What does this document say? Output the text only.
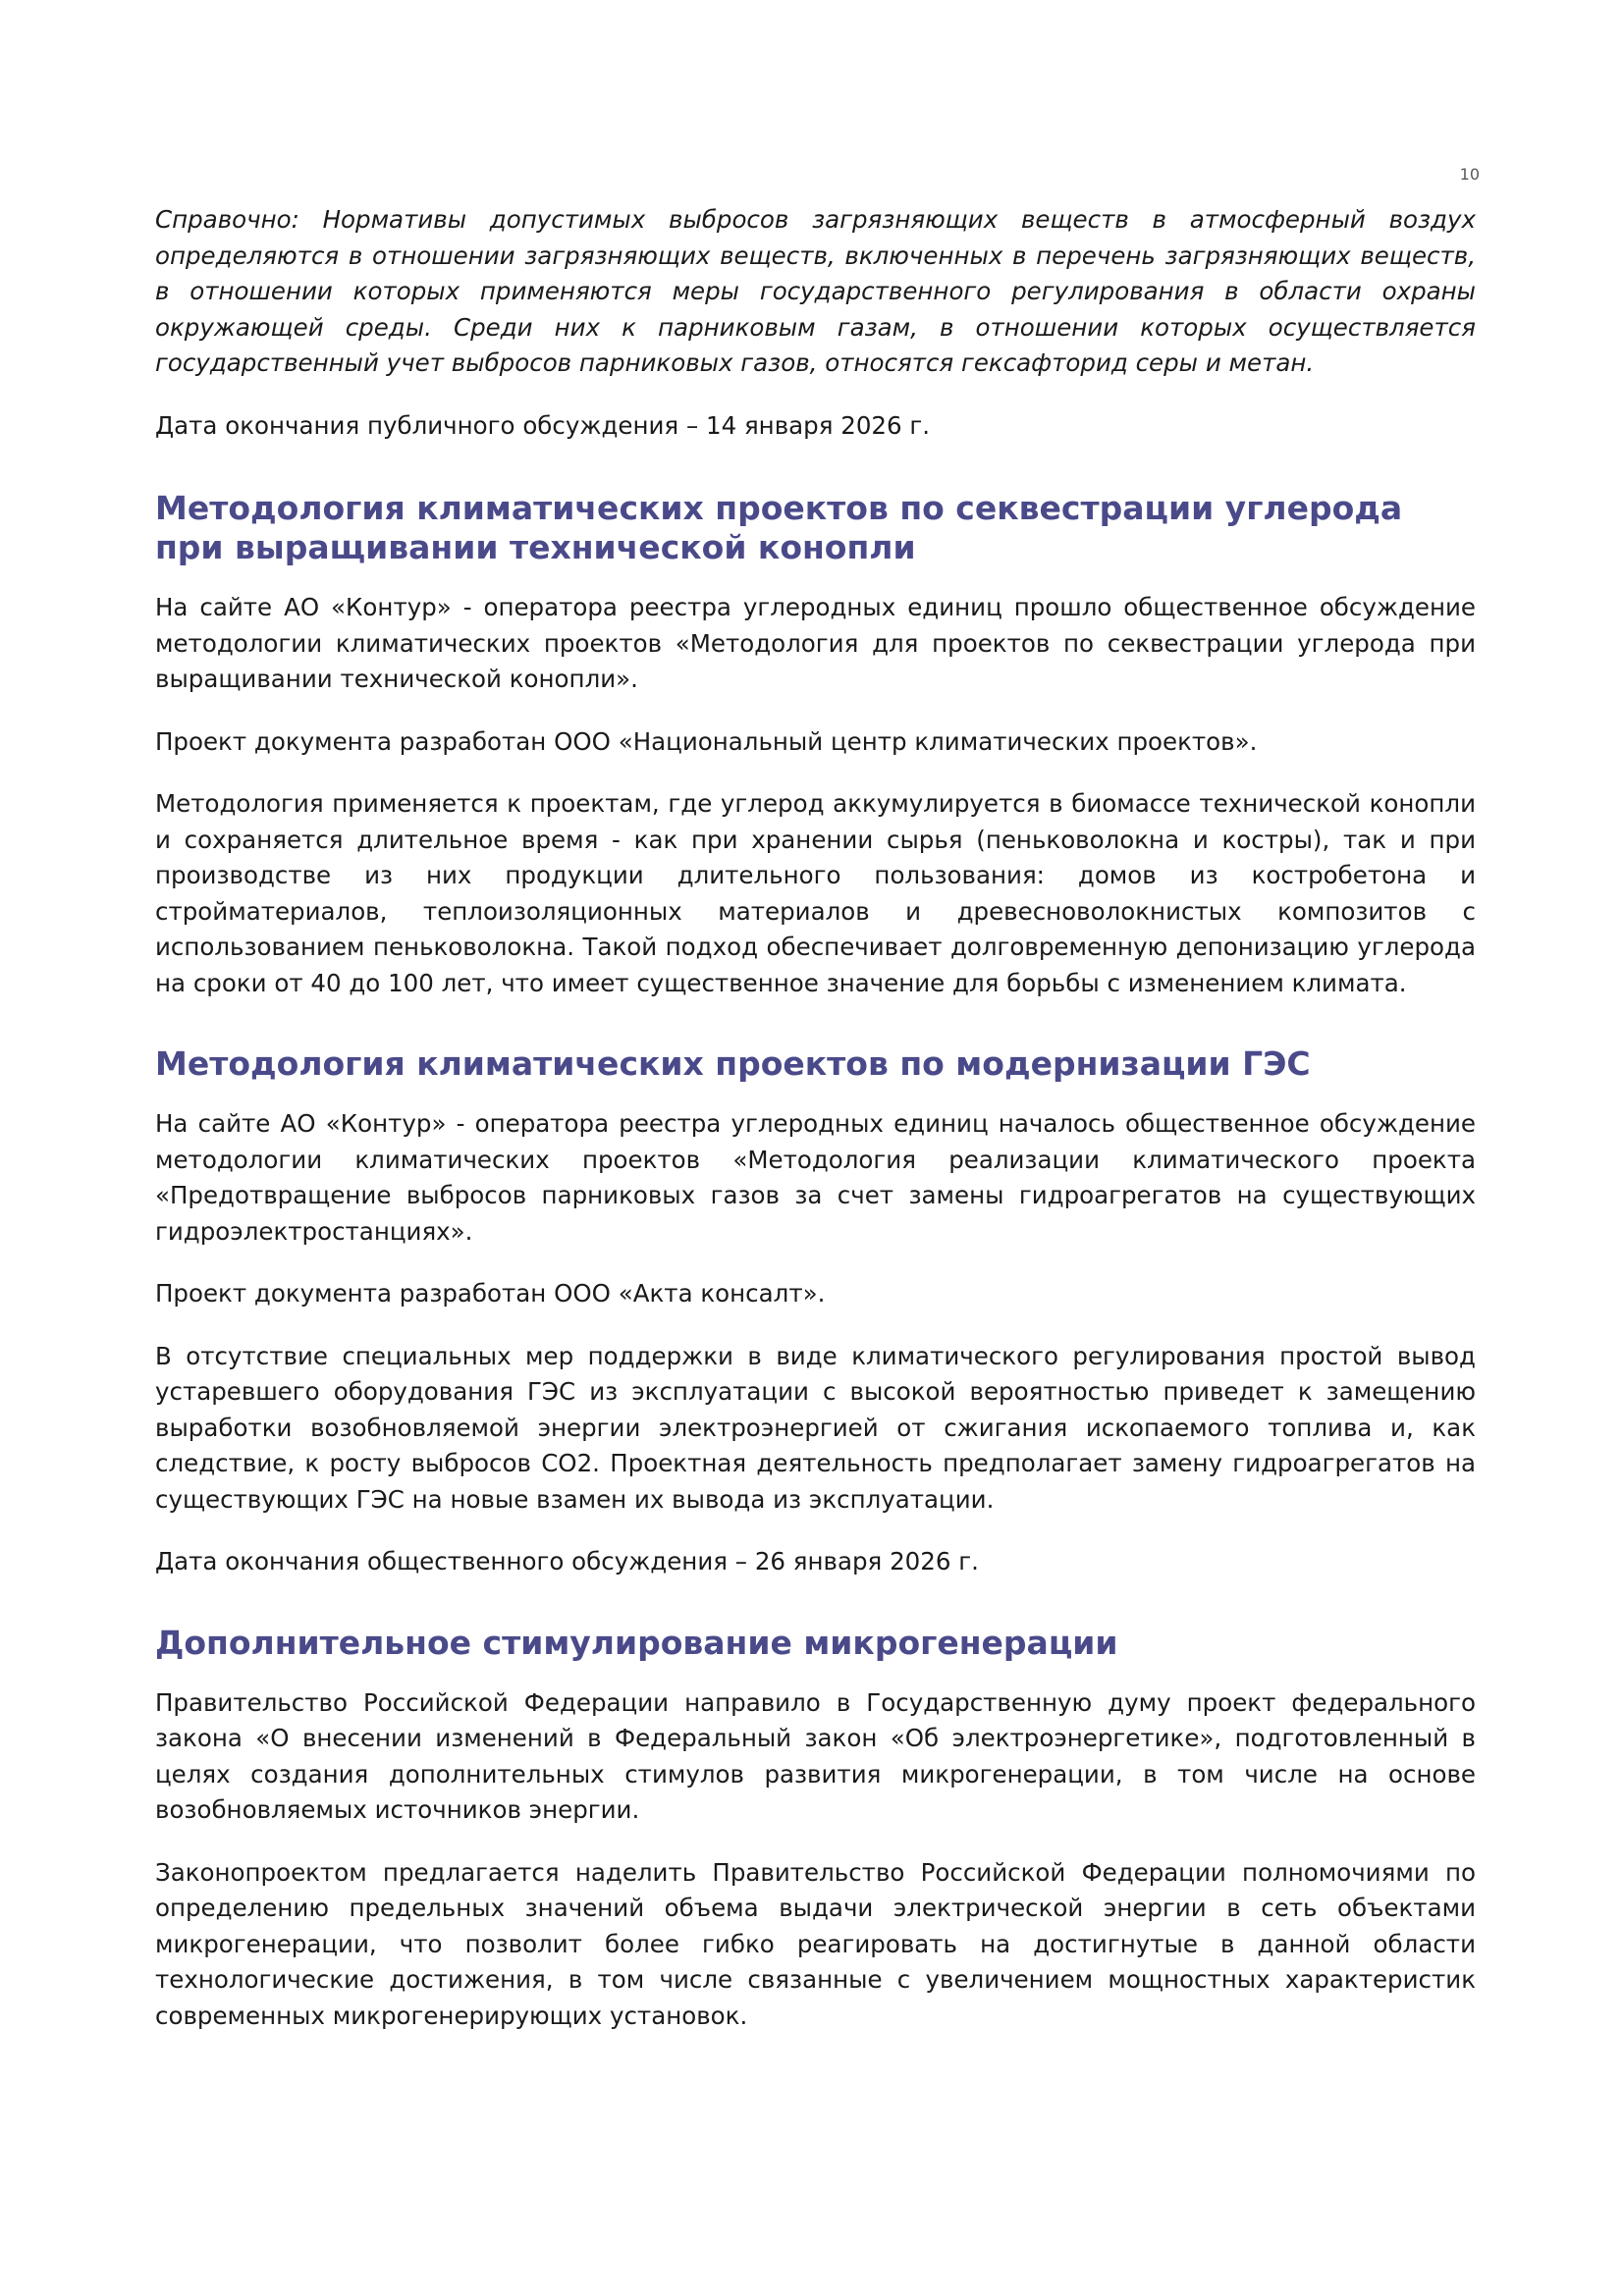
10

Справочно: Нормативы допустимых выбросов загрязняющих веществ в атмосферный воздух определяются в отношении загрязняющих веществ, включенных в перечень загрязняющих веществ, в отношении которых применяются меры государственного регулирования в области охраны окружающей среды. Среди них к парниковым газам, в отношении которых осуществляется государственный учет выбросов парниковых газов, относятся гексафторид серы и метан.

Дата окончания публичного обсуждения – 14 января 2026 г.

Методология климатических проектов по секвестрации углерода при выращивании технической конопли

На сайте АО «Контур» - оператора реестра углеродных единиц прошло общественное обсуждение методологии климатических проектов «Методология для проектов по секвестрации углерода при выращивании технической конопли».

Проект документа разработан ООО «Национальный центр климатических проектов».

Методология применяется к проектам, где углерод аккумулируется в биомассе технической конопли и сохраняется длительное время - как при хранении сырья (пеньковолокна и костры), так и при производстве из них продукции длительного пользования: домов из костробетона и стройматериалов, теплоизоляционных материалов и древесноволокнистых композитов с использованием пеньковолокна. Такой подход обеспечивает долговременную депонизацию углерода на сроки от 40 до 100 лет, что имеет существенное значение для борьбы с изменением климата.

Методология климатических проектов по модернизации ГЭС

На сайте АО «Контур» - оператора реестра углеродных единиц началось общественное обсуждение методологии климатических проектов «Методология реализации климатического проекта «Предотвращение выбросов парниковых газов за счет замены гидроагрегатов на существующих гидроэлектростанциях».

Проект документа разработан ООО «Акта консалт».

В отсутствие специальных мер поддержки в виде климатического регулирования простой вывод устаревшего оборудования ГЭС из эксплуатации с высокой вероятностью приведет к замещению выработки возобновляемой энергии электроэнергией от сжигания ископаемого топлива и, как следствие, к росту выбросов СО2. Проектная деятельность предполагает замену гидроагрегатов на существующих ГЭС на новые взамен их вывода из эксплуатации.

Дата окончания общественного обсуждения – 26 января 2026 г.

Дополнительное стимулирование микрогенерации

Правительство Российской Федерации направило в Государственную думу проект федерального закона «О внесении изменений в Федеральный закон «Об электроэнергетике», подготовленный в целях создания дополнительных стимулов развития микрогенерации, в том числе на основе возобновляемых источников энергии.

Законопроектом предлагается наделить Правительство Российской Федерации полномочиями по определению предельных значений объема выдачи электрической энергии в сеть объектами микрогенерации, что позволит более гибко реагировать на достигнутые в данной области технологические достижения, в том числе связанные с увеличением мощностных характеристик современных микрогенерирующих установок.
